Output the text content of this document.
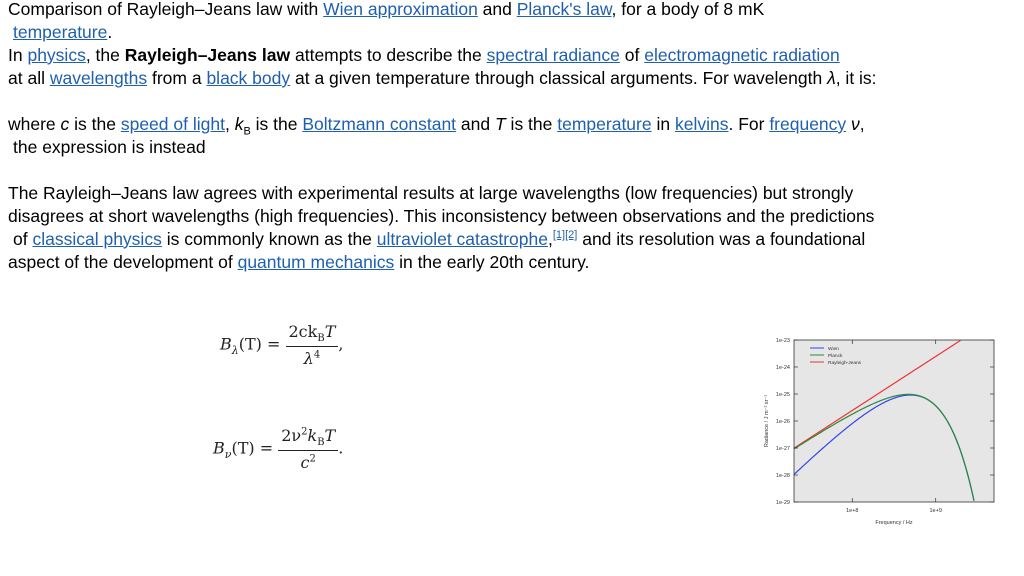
Comparison of Rayleigh–Jeans law with Wien approximation and Planck's law, for a body of 8 mK
temperature.
In physics, the Rayleigh–Jeans law attempts to describe the spectral radiance of electromagnetic radiation
at all wavelengths from a black body at a given temperature through classical arguments. For wavelength λ, it is:
where c is the speed of light, $k_B$ is the Boltzmann constant and T is the temperature in kelvins. For frequency ν,
the expression is instead
The Rayleigh–Jeans law agrees with experimental results at large wavelengths (low frequencies) but strongly
disagrees at short wavelengths (high frequencies). This inconsistency between observations and the predictions
of classical physics is commonly known as the ultraviolet catastrophe,[1][2] and its resolution was a foundational
aspect of the development of quantum mechanics in the early 20th century.
$B_\lambda(T) = \frac{2ck_BT}{\lambda^4}$ ,
$B_\nu(T) = \frac{2\nu^2k_BT}{c^2}$ .
1e-23
1e-24
1e-25
1e-26
1e-27
1e-28
1e-29
1e+8	1e+9
Frequency / Hz
Radiance / J m⁻² sr⁻¹
Wien
Planck
Rayleigh-Jeans
